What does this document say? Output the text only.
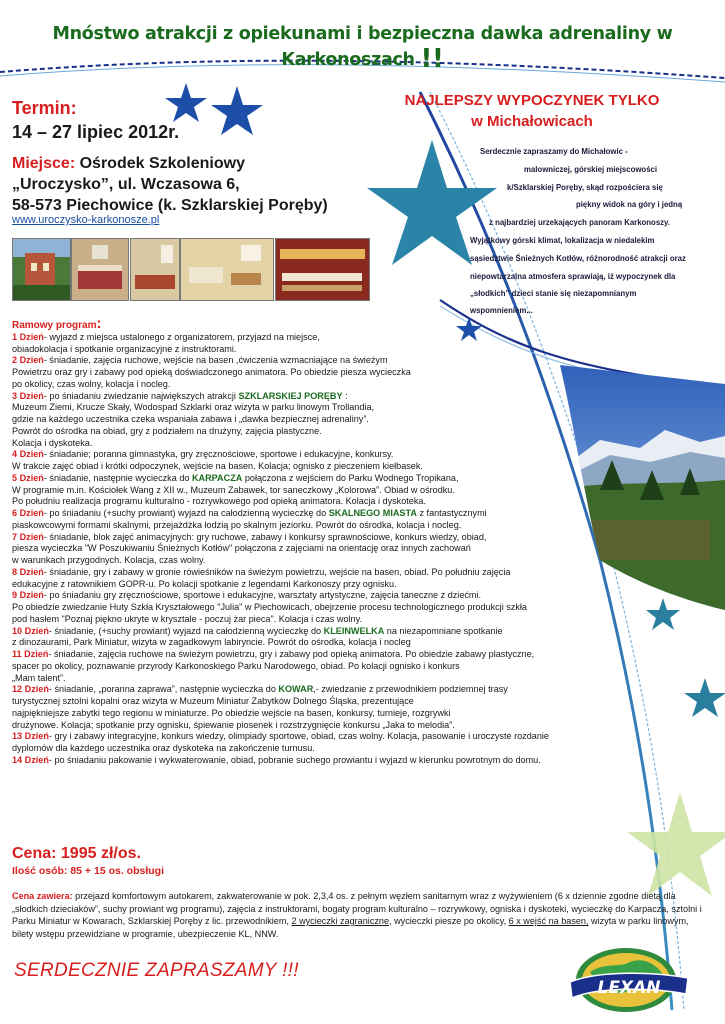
Mnóstwo atrakcji z opiekunami i bezpieczna dawka adrenaliny w Karkonoszach !!
Termin:
14 – 27 lipiec 2012r.
Miejsce: Ośrodek Szkoleniowy
„Uroczysko”, ul. Wczasowa 6,
58-573 Piechowice (k. Szklarskiej Poręby)
www.uroczysko-karkonosze.pl
NAJLEPSZY WYPOCZYNEK TYLKO
w Michałowicach
Serdecznie zapraszamy do Michałowic -
malowniczej, górskiej miejscowości
k/Szklarskiej Poręby, skąd rozpościera się
piękny widok na góry i jedną
z najbardziej urzekających panoram Karkonoszy.
Wyjątkowy górski klimat, lokalizacja w niedalekim
sąsiedztwie Śnieżnych Kotłów, różnorodność atrakcji oraz
niepowtarzalna atmosfera sprawiają, iż wypoczynek dla
„słodkich” dzieci stanie się niezapomnianym
wspomnieniem...
Ramowy program:
1 Dzień- wyjazd z miejsca ustalonego z organizatorem, przyjazd na miejsce,
obiadokolacja i spotkanie organizacyjne z instruktorami.
2 Dzień- śniadanie, zajęcia ruchowe, wejście na basen ,ćwiczenia wzmacniające na świeżym
Powietrzu oraz gry i zabawy pod opieką doświadczonego animatora. Po obiedzie piesza wycieczka
po okolicy, czas wolny, kolacja i nocleg.
3 Dzień- po śniadaniu zwiedzanie największych atrakcji SZKLARSKIEJ PORĘBY :
Muzeum Ziemi, Krucze Skały, Wodospad Szklarki oraz wizyta w parku linowym Trollandia,
gdzie na każdego uczestnika czeka wspaniała zabawa i „dawka bezpiecznej adrenaliny”.
Powrót do ośrodka na obiad, gry z podziałem na drużyny, zajęcia plastyczne.
Kolacja i dyskoteka.
4 Dzień- śniadanie; poranna gimnastyka, gry zręcznościowe, sportowe i edukacyjne, konkursy.
W trakcie zajęć obiad i krótki odpoczynek, wejście na basen. Kolacja; ognisko z pieczeniem kiełbasek.
5 Dzień- śniadanie, następnie wycieczka do KARPACZA połączona z wejściem do Parku Wodnego Tropikana,
W programie m.in. Kościołek Wang z XII w., Muzeum Zabawek, tor saneczkowy „Kolorowa”. Obiad w ośrodku.
Po południu realizacja programu kulturalno - rozrywkowego pod opieką animatora. Kolacja i dyskoteka.
6 Dzień- po śniadaniu (+suchy prowiant) wyjazd na całodzienną wycieczkę do SKALNEGO MIASTA z fantastycznymi
piaskowcowymi formami skalnymi, przejażdżka łodzią po skalnym jeziorku. Powrót do ośrodka, kolacja i nocleg.
7 Dzień- śniadanie, blok zajęć animacyjnych: gry ruchowe, zabawy i konkursy sprawnościowe, konkurs wiedzy, obiad,
piesza wycieczka "W Poszukiwaniu Śnieżnych Kotłów" połączona z zajęciami na orientację oraz innych zachowań
w warunkach przygodnych. Kolacja, czas wolny.
8 Dzień- śniadanie, gry i zabawy w gronie rówieśników na świeżym powietrzu, wejście na basen, obiad. Po południu zajęcia
edukacyjne z ratownikiem GOPR-u. Po kolacji spotkanie z legendami Karkonoszy przy ognisku.
9 Dzień- po śniadaniu gry zręcznościowe, sportowe i edukacyjne, warsztaty artystyczne, zajęcia taneczne z dziećmi.
Po obiedzie zwiedzanie Huty Szkła Kryształowego "Julia" w Piechowicach, obejrzenie procesu technologicznego produkcji szkła
pod hasłem "Poznaj piękno ukryte w krysztale - poczuj żar pieca". Kolacja i czas wolny.
10 Dzień- śniadanie, (+suchy prowiant) wyjazd na całodzienną wycieczkę do KLEINWELKA na niezapomniane spotkanie
z dinozaurami, Park Miniatur, wizyta w zagadkowym labiryncie. Powrót do ośrodka, kolacja i nocleg
11 Dzień- śniadanie, zajęcia ruchowe na świeżym powietrzu, gry i zabawy pod opieką animatora. Po obiedzie zabawy plastyczne,
spacer po okolicy, poznawanie przyrody Karkonoskiego Parku Narodowego, obiad. Po kolacji ognisko i konkurs
„Mam talent”.
12 Dzień- śniadanie, „poranna zaprawa”, następnie wycieczka do KOWAR,- zwiedzanie z przewodnikiem podziemnej trasy
turystycznej sztolni kopalni oraz wizyta w Muzeum Miniatur Zabytków Dolnego Śląska, prezentujące
najpiękniejsze zabytki tego regionu w miniaturze. Po obiedzie wejście na basen, konkursy, turnieje, rozgrywki
drużynowe. Kolacja; spotkanie przy ognisku, śpiewanie piosenek i rozstrzygnięcie konkursu „Jaka to melodia”.
13 Dzień- gry i zabawy integracyjne, konkurs wiedzy, olimpiady sportowe, obiad, czas wolny. Kolacja, pasowanie i uroczyste rozdanie
dyplomów dla każdego uczestnika oraz dyskoteka na zakończenie turnusu.
14 Dzień- po śniadaniu pakowanie i wykwaterowanie, obiad, pobranie suchego prowiantu i wyjazd w kierunku powrotnym do domu.
Cena: 1995 zł/os.
Ilość osób: 85 + 15 os. obsługi
Cena zawiera: przejazd komfortowym autokarem, zakwaterowanie w pok. 2,3,4 os. z pełnym węzłem sanitarnym wraz z wyżywieniem (6 x dziennie zgodne dietą dla „słodkich dzieciaków”, suchy prowiant wg programu), zajęcia z instruktorami, bogaty program kulturalno – rozrywkowy, ogniska i dyskoteki, wycieczkę do Karpacza, sztolni i Parku Miniatur w Kowarach, Szklarskiej Poręby z lic. przewodnikiem, 2 wycieczki zagraniczne, wycieczki piesze po okolicy, 6 x wejść na basen, wizyta w parku linowym, bilety wstępu przewidziane w programie, ubezpieczenie KL, NNW.
SERDECZNIE ZAPRASZAMY !!!
LEXAN
